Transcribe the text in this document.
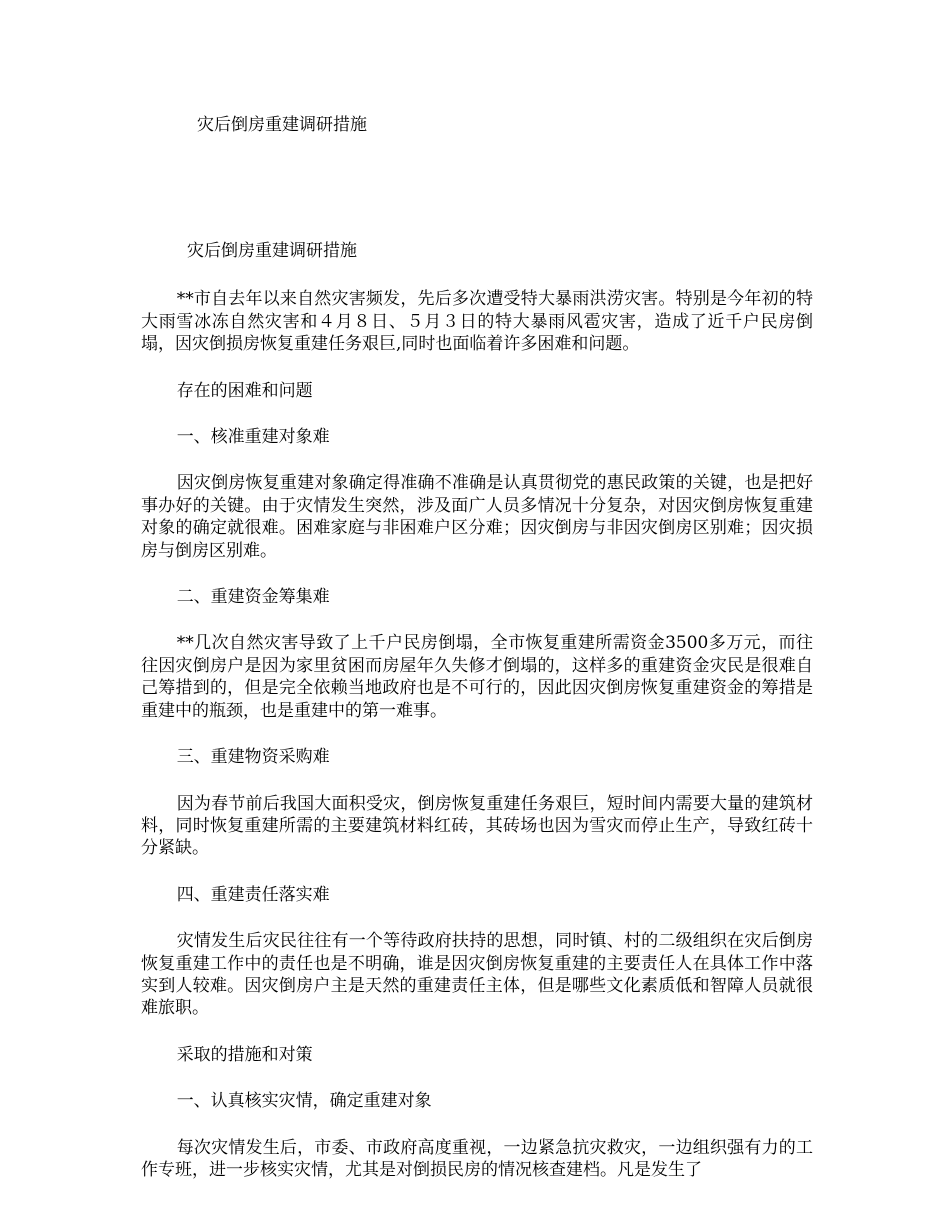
灾后倒房重建调研措施

灾后倒房重建调研措施

**市自去年以来自然灾害频发，先后多次遭受特大暴雨洪涝灾害。特别是今年初的特大雨雪冰冻自然灾害和４月８日、５月３日的特大暴雨风雹灾害，造成了近千户民房倒塌，因灾倒损房恢复重建任务艰巨,同时也面临着许多困难和问题。

存在的困难和问题

一、核准重建对象难

因灾倒房恢复重建对象确定得准确不准确是认真贯彻党的惠民政策的关键，也是把好事办好的关键。由于灾情发生突然，涉及面广人员多情况十分复杂，对因灾倒房恢复重建对象的确定就很难。困难家庭与非困难户区分难；因灾倒房与非因灾倒房区别难；因灾损房与倒房区别难。

二、重建资金筹集难

**几次自然灾害导致了上千户民房倒塌，全市恢复重建所需资金3500多万元，而往往因灾倒房户是因为家里贫困而房屋年久失修才倒塌的，这样多的重建资金灾民是很难自己筹措到的，但是完全依赖当地政府也是不可行的，因此因灾倒房恢复重建资金的筹措是重建中的瓶颈，也是重建中的第一难事。

三、重建物资采购难

因为春节前后我国大面积受灾，倒房恢复重建任务艰巨，短时间内需要大量的建筑材料，同时恢复重建所需的主要建筑材料红砖，其砖场也因为雪灾而停止生产，导致红砖十分紧缺。

四、重建责任落实难

灾情发生后灾民往往有一个等待政府扶持的思想，同时镇、村的二级组织在灾后倒房恢复重建工作中的责任也是不明确，谁是因灾倒房恢复重建的主要责任人在具体工作中落实到人较难。因灾倒房户主是天然的重建责任主体，但是哪些文化素质低和智障人员就很难旅职。

采取的措施和对策

一、认真核实灾情，确定重建对象

每次灾情发生后，市委、市政府高度重视，一边紧急抗灾救灾，一边组织强有力的工作专班，进一步核实灾情，尤其是对倒损民房的情况核查建档。凡是发生了
